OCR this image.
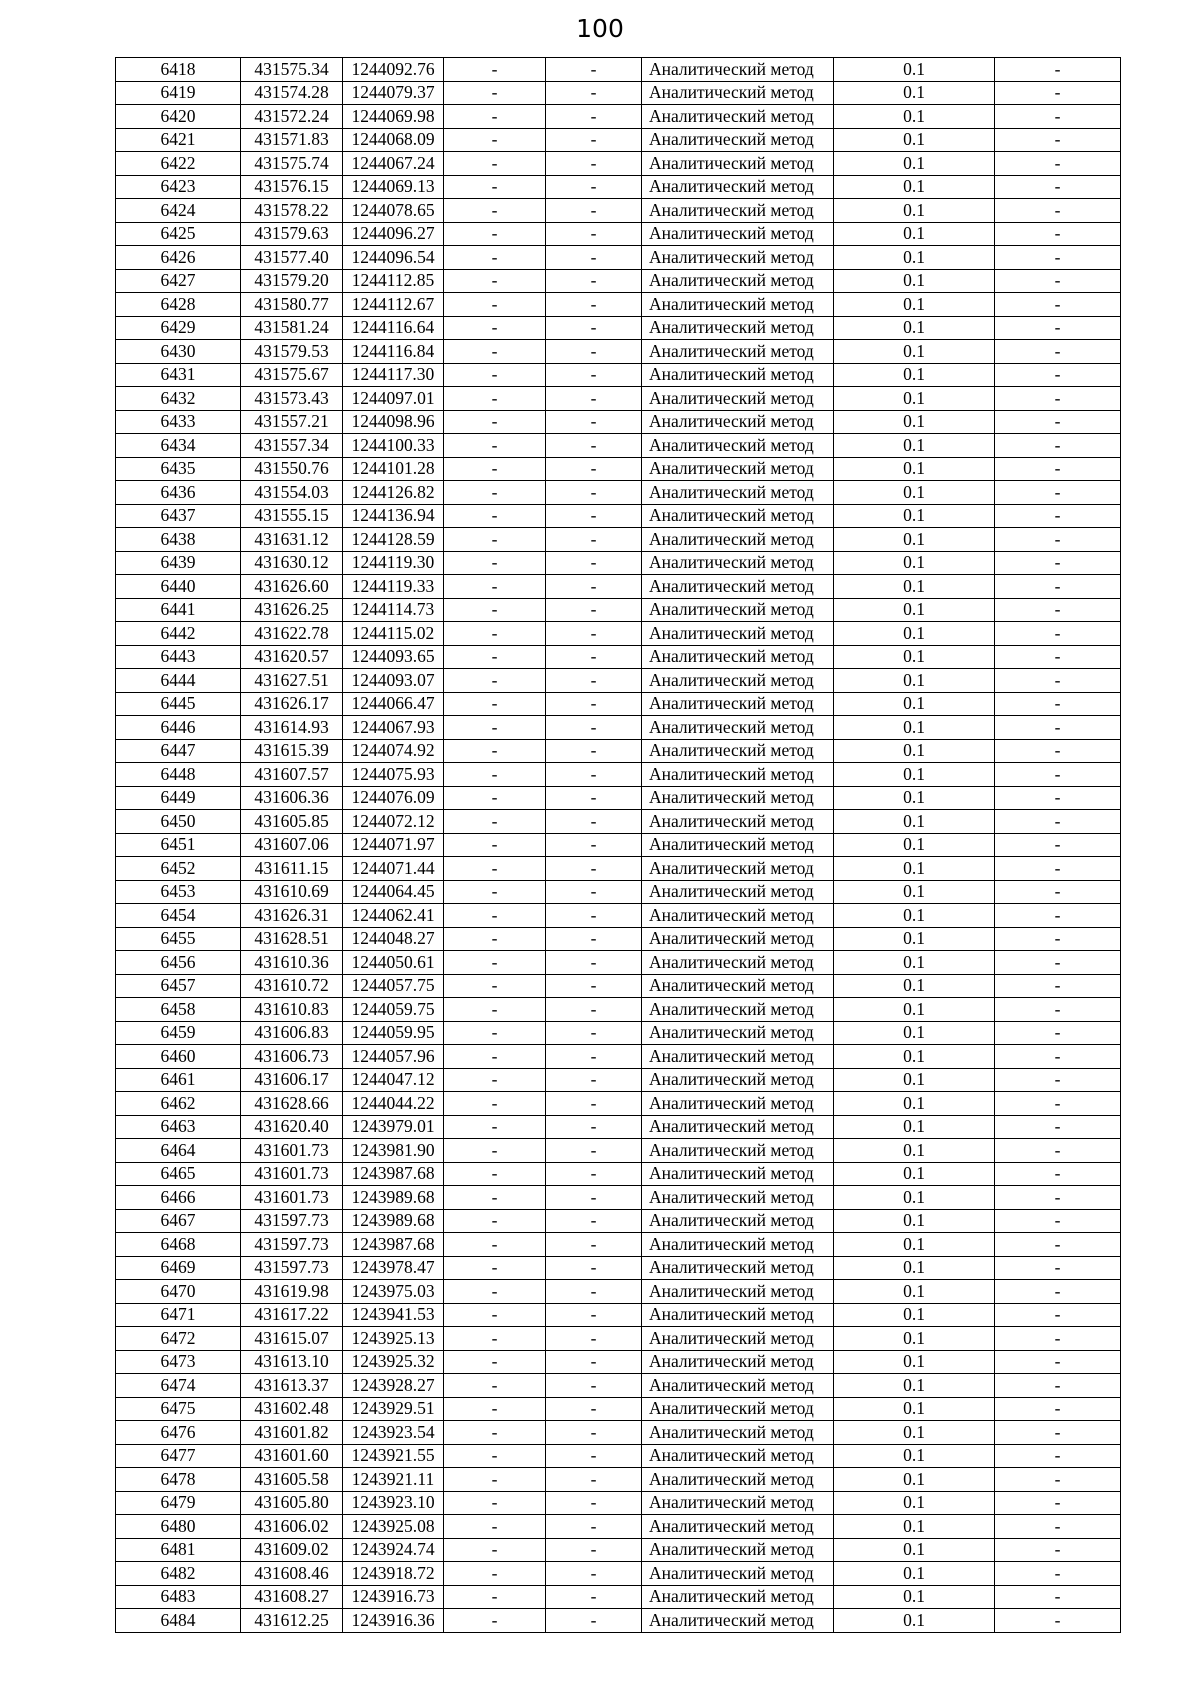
100
6418	431575.34	1244092.76	-	-	Аналитический метод	0.1	-
6419	431574.28	1244079.37	-	-	Аналитический метод	0.1	-
6420	431572.24	1244069.98	-	-	Аналитический метод	0.1	-
6421	431571.83	1244068.09	-	-	Аналитический метод	0.1	-
6422	431575.74	1244067.24	-	-	Аналитический метод	0.1	-
6423	431576.15	1244069.13	-	-	Аналитический метод	0.1	-
6424	431578.22	1244078.65	-	-	Аналитический метод	0.1	-
6425	431579.63	1244096.27	-	-	Аналитический метод	0.1	-
6426	431577.40	1244096.54	-	-	Аналитический метод	0.1	-
6427	431579.20	1244112.85	-	-	Аналитический метод	0.1	-
6428	431580.77	1244112.67	-	-	Аналитический метод	0.1	-
6429	431581.24	1244116.64	-	-	Аналитический метод	0.1	-
6430	431579.53	1244116.84	-	-	Аналитический метод	0.1	-
6431	431575.67	1244117.30	-	-	Аналитический метод	0.1	-
6432	431573.43	1244097.01	-	-	Аналитический метод	0.1	-
6433	431557.21	1244098.96	-	-	Аналитический метод	0.1	-
6434	431557.34	1244100.33	-	-	Аналитический метод	0.1	-
6435	431550.76	1244101.28	-	-	Аналитический метод	0.1	-
6436	431554.03	1244126.82	-	-	Аналитический метод	0.1	-
6437	431555.15	1244136.94	-	-	Аналитический метод	0.1	-
6438	431631.12	1244128.59	-	-	Аналитический метод	0.1	-
6439	431630.12	1244119.30	-	-	Аналитический метод	0.1	-
6440	431626.60	1244119.33	-	-	Аналитический метод	0.1	-
6441	431626.25	1244114.73	-	-	Аналитический метод	0.1	-
6442	431622.78	1244115.02	-	-	Аналитический метод	0.1	-
6443	431620.57	1244093.65	-	-	Аналитический метод	0.1	-
6444	431627.51	1244093.07	-	-	Аналитический метод	0.1	-
6445	431626.17	1244066.47	-	-	Аналитический метод	0.1	-
6446	431614.93	1244067.93	-	-	Аналитический метод	0.1	-
6447	431615.39	1244074.92	-	-	Аналитический метод	0.1	-
6448	431607.57	1244075.93	-	-	Аналитический метод	0.1	-
6449	431606.36	1244076.09	-	-	Аналитический метод	0.1	-
6450	431605.85	1244072.12	-	-	Аналитический метод	0.1	-
6451	431607.06	1244071.97	-	-	Аналитический метод	0.1	-
6452	431611.15	1244071.44	-	-	Аналитический метод	0.1	-
6453	431610.69	1244064.45	-	-	Аналитический метод	0.1	-
6454	431626.31	1244062.41	-	-	Аналитический метод	0.1	-
6455	431628.51	1244048.27	-	-	Аналитический метод	0.1	-
6456	431610.36	1244050.61	-	-	Аналитический метод	0.1	-
6457	431610.72	1244057.75	-	-	Аналитический метод	0.1	-
6458	431610.83	1244059.75	-	-	Аналитический метод	0.1	-
6459	431606.83	1244059.95	-	-	Аналитический метод	0.1	-
6460	431606.73	1244057.96	-	-	Аналитический метод	0.1	-
6461	431606.17	1244047.12	-	-	Аналитический метод	0.1	-
6462	431628.66	1244044.22	-	-	Аналитический метод	0.1	-
6463	431620.40	1243979.01	-	-	Аналитический метод	0.1	-
6464	431601.73	1243981.90	-	-	Аналитический метод	0.1	-
6465	431601.73	1243987.68	-	-	Аналитический метод	0.1	-
6466	431601.73	1243989.68	-	-	Аналитический метод	0.1	-
6467	431597.73	1243989.68	-	-	Аналитический метод	0.1	-
6468	431597.73	1243987.68	-	-	Аналитический метод	0.1	-
6469	431597.73	1243978.47	-	-	Аналитический метод	0.1	-
6470	431619.98	1243975.03	-	-	Аналитический метод	0.1	-
6471	431617.22	1243941.53	-	-	Аналитический метод	0.1	-
6472	431615.07	1243925.13	-	-	Аналитический метод	0.1	-
6473	431613.10	1243925.32	-	-	Аналитический метод	0.1	-
6474	431613.37	1243928.27	-	-	Аналитический метод	0.1	-
6475	431602.48	1243929.51	-	-	Аналитический метод	0.1	-
6476	431601.82	1243923.54	-	-	Аналитический метод	0.1	-
6477	431601.60	1243921.55	-	-	Аналитический метод	0.1	-
6478	431605.58	1243921.11	-	-	Аналитический метод	0.1	-
6479	431605.80	1243923.10	-	-	Аналитический метод	0.1	-
6480	431606.02	1243925.08	-	-	Аналитический метод	0.1	-
6481	431609.02	1243924.74	-	-	Аналитический метод	0.1	-
6482	431608.46	1243918.72	-	-	Аналитический метод	0.1	-
6483	431608.27	1243916.73	-	-	Аналитический метод	0.1	-
6484	431612.25	1243916.36	-	-	Аналитический метод	0.1	-
